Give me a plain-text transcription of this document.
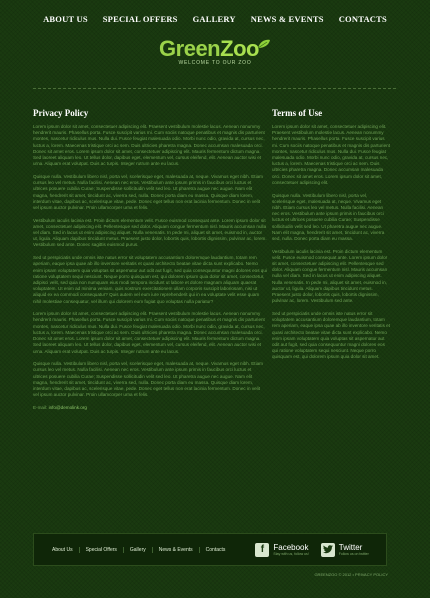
ABOUT US SPECIAL OFFERS GALLERY NEWS & EVENTS CONTACTS
Green Zoo
WELCOME TO OUR ZOO
Privacy Policy

Lorem ipsum dolor sit amet, consectetuer adipiscing elit. Praesent vestibulum molestie lacus. Aenean nonummy hendrerit mauris. Phasellus porta. Fusce suscipit varius mi. Cum sociis natoque penatibus et magnis dis parturient montes, nascetur ridiculus mus. Nulla dui. Fusce feugiat malesuada odio. Morbi nunc odio, gravida at, cursus nec, luctus a, lorem. Maecenas tristique orci ac sem. Duis ultricies pharetra magna. Donec accumsan malesuada orci. Donec sit amet eros. Lorem ipsum dolor sit amet, consectetuer adipiscing elit. Mauris fermentum dictum magna. Sed laoreet aliquam leo. Ut tellus dolor, dapibus eget, elementum vel, cursus eleifend, elit. Aenean auctor wisi et urna. Aliquam erat volutpat. Duis ac turpis. Integer rutrum ante eu lacus.

Quisque nulla. Vestibulum libero nisl, porta vel, scelerisque eget, malesuada at, neque. Vivamus eget nibh. Etiam cursus leo vel metus. Nulla facilisi. Aenean nec eros. Vestibulum ante ipsum primis in faucibus orci luctus et ultrices posuere cubilia Curae; Suspendisse sollicitudin velit sed leo. Ut pharetra augue nec augue. Nam elit magna, hendrerit sit amet, tincidunt ac, viverra sed, nulla. Donec porta diam eu massa. Quisque diam lorem, interdum vitae, dapibus ac, scelerisque vitae, pede. Donec eget tellus non erat lacinia fermentum. Donec in velit vel ipsum auctor pulvinar. Proin ullamcorper urna et felis.

Vestibulum iaculis lacinia est. Proin dictum elementum velit. Fusce euismod consequat ante. Lorem ipsum dolor sit amet, consectetuer adipiscing elit. Pellentesque sed dolor. Aliquam congue fermentum nisl. Mauris accumsan nulla vel diam. Sed in lacus ut enim adipiscing aliquet. Nulla venenatis. In pede mi, aliquet sit amet, euismod in, auctor ut, ligula. Aliquam dapibus tincidunt metus. Praesent justo dolor, lobortis quis, lobortis dignissim, pulvinar ac, lorem. Vestibulum sed ante. Donec sagittis euismod purus.

Sed ut perspiciatis unde omnis iste natus error sit voluptatem accusantium doloremque laudantium, totam rem aperiam, eaque ipsa quae ab illo inventore veritatis et quasi architecto beatae vitae dicta sunt explicabo. Nemo enim ipsam voluptatem quia voluptas sit aspernatur aut odit aut fugit, sed quia consequuntur magni dolores eos qui ratione voluptatem sequi nesciunt. Neque porro quisquam est, qui dolorem ipsum quia dolor sit amet, consectetur, adipisci velit, sed quia non numquam eius modi tempora incidunt ut labore et dolore magnam aliquam quaerat voluptatem. Ut enim ad minima veniam, quis nostrum exercitationem ullam corporis suscipit laboriosam, nisi ut aliquid ex ea commodi consequatur? Quis autem vel eum iure reprehenderit qui in ea voluptate velit esse quam nihil molestiae consequatur, vel illum qui dolorem eum fugiat quo voluptas nulla pariatur?

Lorem ipsum dolor sit amet, consectetuer adipiscing elit. Praesent vestibulum molestie lacus. Aenean nonummy hendrerit mauris. Phasellus porta. Fusce suscipit varius mi. Cum sociis natoque penatibus et magnis dis parturient montes, nascetur ridiculus mus. Nulla dui. Fusce feugiat malesuada odio. Morbi nunc odio, gravida at, cursus nec, luctus a, lorem. Maecenas tristique orci ac sem. Duis ultricies pharetra magna. Donec accumsan malesuada orci. Donec sit amet eros. Lorem ipsum dolor sit amet, consectetuer adipiscing elit. Mauris fermentum dictum magna. Sed laoreet aliquam leo. Ut tellus dolor, dapibus eget, elementum vel, cursus eleifend, elit. Aenean auctor wisi et urna. Aliquam erat volutpat. Duis ac turpis. Integer rutrum ante eu lacus.

Quisque nulla. Vestibulum libero nisl, porta vel, scelerisque eget, malesuada at, neque. Vivamus eget nibh. Etiam cursus leo vel metus. Nulla facilisi. Aenean nec eros. Vestibulum ante ipsum primis in faucibus orci luctus et ultrices posuere cubilia Curae; Suspendisse sollicitudin velit sed leo. Ut pharetra augue nec augue. Nam elit magna, hendrerit sit amet, tincidunt ac, viverra sed, nulla. Donec porta diam eu massa. Quisque diam lorem, interdum vitae, dapibus ac, scelerisque vitae, pede. Donec eget tellus non erat lacinia fermentum. Donec in velit vel ipsum auctor pulvinar. Proin ullamcorper urna et felis.

E-mail: info@demolink.org
Terms of Use

Lorem ipsum dolor sit amet, consectetuer adipiscing elit. Praesent vestibulum molestie lacus. Aenean nonummy hendrerit mauris. Phasellus porta. Fusce suscipit varius mi. Cum sociis natoque penatibus et magnis dis parturient montes, nascetur ridiculus mus. Nulla dui. Fusce feugiat malesuada odio. Morbi nunc odio, gravida at, cursus nec, luctus a, lorem. Maecenas tristique orci ac sem. Duis ultricies pharetra magna. Donec accumsan malesuada orci. Donec sit amet eros. Lorem ipsum dolor sit amet, consectetuer adipiscing elit.

Quisque nulla. Vestibulum libero nisl, porta vel, scelerisque eget, malesuada at, neque. Vivamus eget nibh. Etiam cursus leo vel metus. Nulla facilisi. Aenean nec eros. Vestibulum ante ipsum primis in faucibus orci luctus et ultrices posuere cubilia Curae; Suspendisse sollicitudin velit sed leo. Ut pharetra augue nec augue. Nam elit magna, hendrerit sit amet, tincidunt ac, viverra sed, nulla. Donec porta diam eu massa.

Vestibulum iaculis lacinia est. Proin dictum elementum velit. Fusce euismod consequat ante. Lorem ipsum dolor sit amet, consectetuer adipiscing elit. Pellentesque sed dolor. Aliquam congue fermentum nisl. Mauris accumsan nulla vel diam. Sed in lacus ut enim adipiscing aliquet. Nulla venenatis. In pede mi, aliquet sit amet, euismod in, auctor ut, ligula. Aliquam dapibus tincidunt metus. Praesent justo dolor, lobortis quis, lobortis dignissim, pulvinar ac, lorem. Vestibulum sed ante.

Sed ut perspiciatis unde omnis iste natus error sit voluptatem accusantium doloremque laudantium, totam rem aperiam, eaque ipsa quae ab illo inventore veritatis et quasi architecto beatae vitae dicta sunt explicabo. Nemo enim ipsam voluptatem quia voluptas sit aspernatur aut odit aut fugit, sed quia consequuntur magni dolores eos qui ratione voluptatem sequi nesciunt. Neque porro quisquam est, qui dolorem ipsum quia dolor sit amet.

About Us	Special Offers	Gallery	News & Events	Contacts	f	Facebook
Stay with us, follow us!
Twitter
Follow us on twitter
GREENZOO © 2012 • PRIVACY POLICY
